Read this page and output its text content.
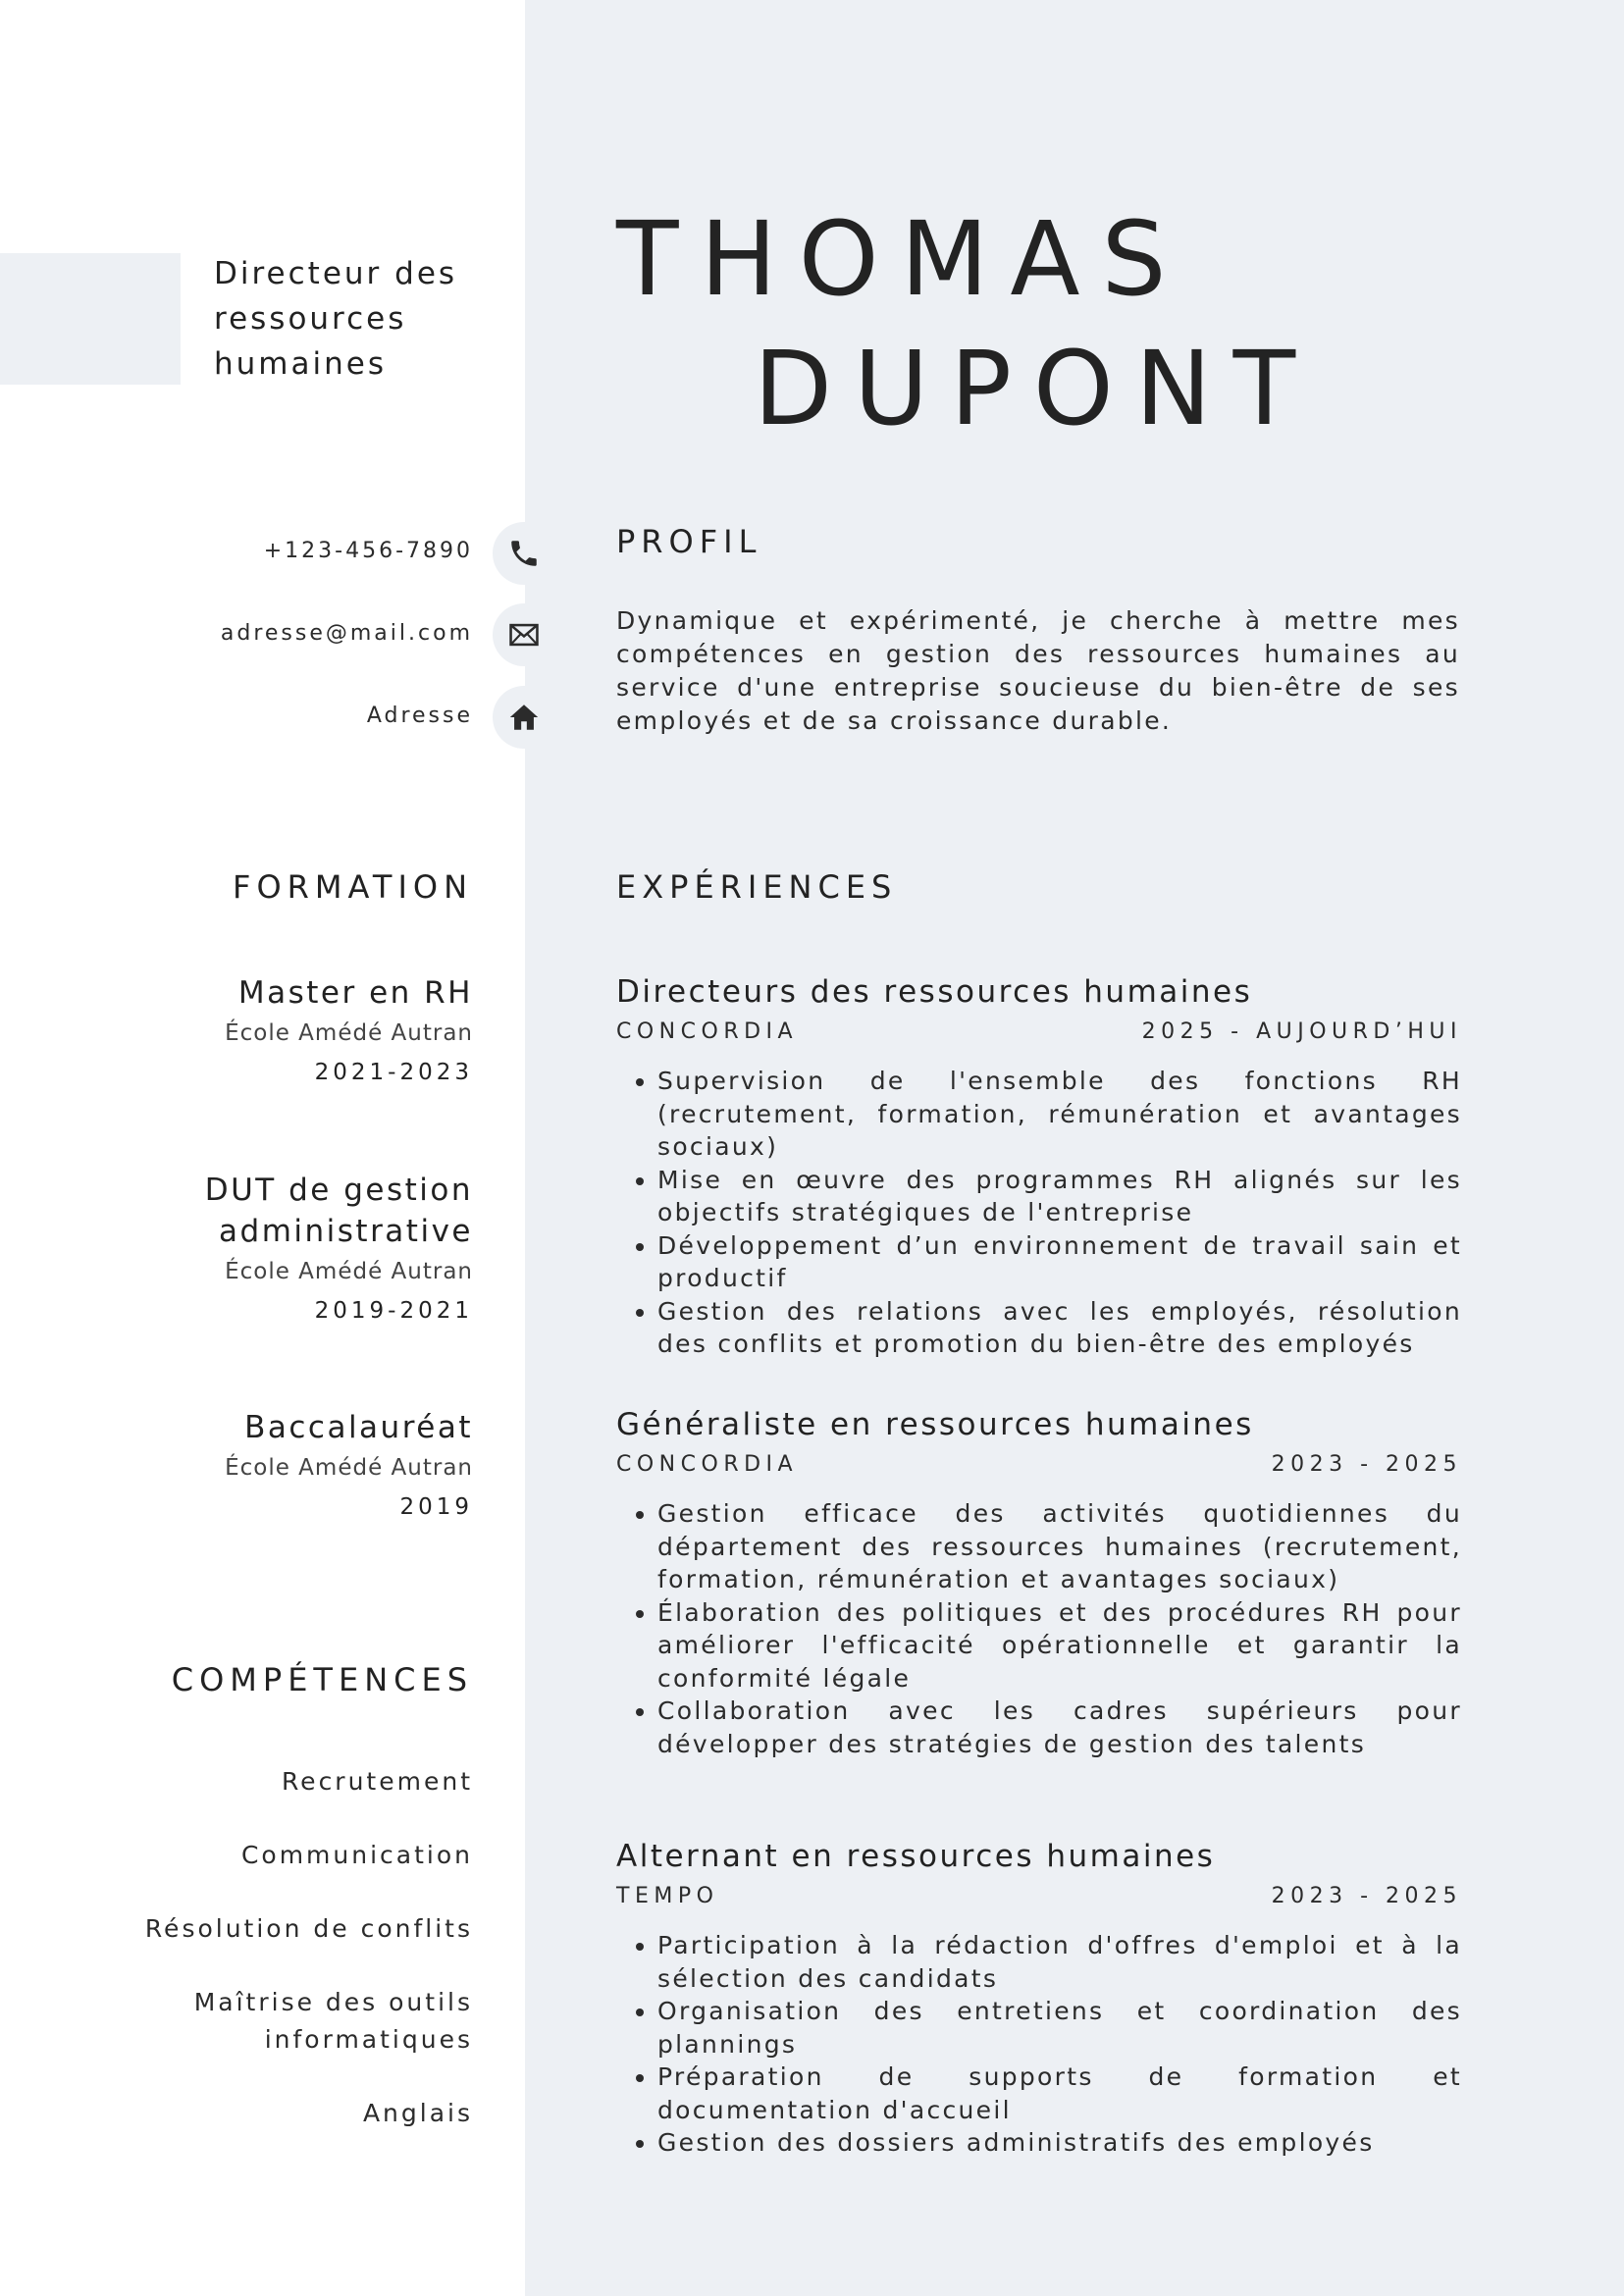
Directeur des ressources humaines
THOMAS
DUPONT
+123-456-7890
adresse@mail.com
Adresse
PROFIL
Dynamique et expérimenté, je cherche à mettre mes compétences en gestion des ressources humaines au service d'une entreprise soucieuse du bien-être de ses employés et de sa croissance durable.
FORMATION
Master en RH
École Amédé Autran
2021-2023
DUT de gestion administrative
École Amédé Autran
2019-2021
Baccalauréat
École Amédé Autran
2019
COMPÉTENCES
Recrutement
Communication
Résolution de conflits
Maîtrise des outils informatiques
Anglais
EXPÉRIENCES
Directeurs des ressources humaines
CONCORDIA	2025 - AUJOURD’HUI
• Supervision de l'ensemble des fonctions RH (recrutement, formation, rémunération et avantages sociaux)
• Mise en œuvre des programmes RH alignés sur les objectifs stratégiques de l'entreprise
• Développement d’un environnement de travail sain et productif
• Gestion des relations avec les employés, résolution des conflits et promotion du bien-être des employés
Généraliste en ressources humaines
CONCORDIA	2023 - 2025
• Gestion efficace des activités quotidiennes du département des ressources humaines (recrutement, formation, rémunération et avantages sociaux)
• Élaboration des politiques et des procédures RH pour améliorer l'efficacité opérationnelle et garantir la conformité légale
• Collaboration avec les cadres supérieurs pour développer des stratégies de gestion des talents
Alternant en ressources humaines
TEMPO	2023 - 2025
• Participation à la rédaction d'offres d'emploi et à la sélection des candidats
• Organisation des entretiens et coordination des plannings
• Préparation de supports de formation et documentation d'accueil
• Gestion des dossiers administratifs des employés
